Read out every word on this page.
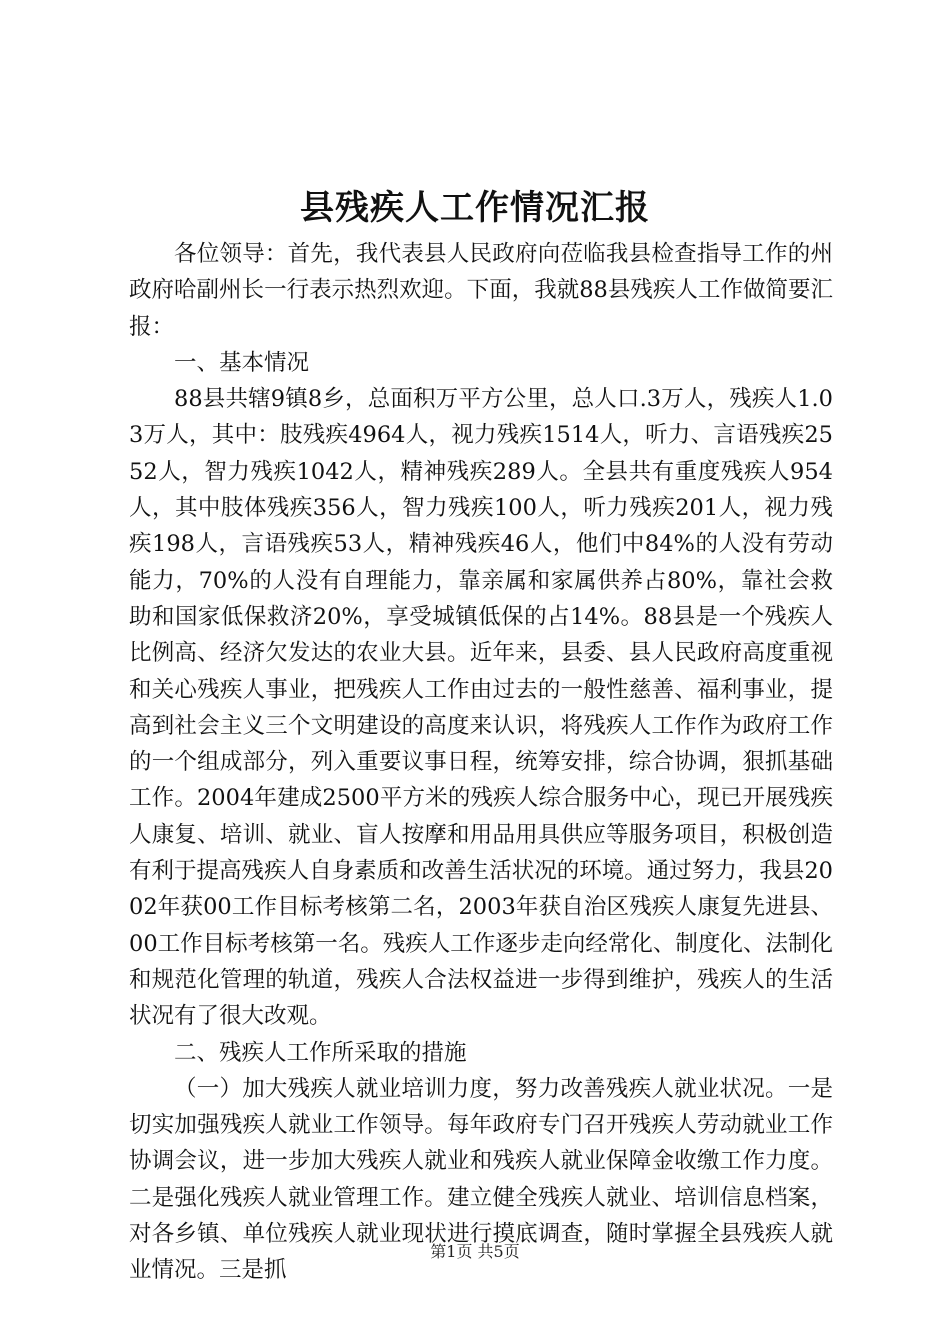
县残疾人工作情况汇报

各位领导：首先，我代表县人民政府向莅临我县检查指导工作的州政府哈副州长一行表示热烈欢迎。下面，我就88县残疾人工作做简要汇报：

一、基本情况

88县共辖9镇8乡，总面积万平方公里，总人口.3万人，残疾人1.03万人，其中：肢残疾4964人，视力残疾1514人，听力、言语残疾2552人，智力残疾1042人，精神残疾289人。全县共有重度残疾人954人，其中肢体残疾356人，智力残疾100人，听力残疾201人，视力残疾198人，言语残疾53人，精神残疾46人，他们中84%的人没有劳动能力，70%的人没有自理能力，靠亲属和家属供养占80%，靠社会救助和国家低保救济20%，享受城镇低保的占14%。88县是一个残疾人比例高、经济欠发达的农业大县。近年来，县委、县人民政府高度重视和关心残疾人事业，把残疾人工作由过去的一般性慈善、福利事业，提高到社会主义三个文明建设的高度来认识，将残疾人工作作为政府工作的一个组成部分，列入重要议事日程，统筹安排，综合协调，狠抓基础工作。2004年建成2500平方米的残疾人综合服务中心，现已开展残疾人康复、培训、就业、盲人按摩和用品用具供应等服务项目，积极创造有利于提高残疾人自身素质和改善生活状况的环境。通过努力，我县2002年获00工作目标考核第二名，2003年获自治区残疾人康复先进县、00工作目标考核第一名。残疾人工作逐步走向经常化、制度化、法制化和规范化管理的轨道，残疾人合法权益进一步得到维护，残疾人的生活状况有了很大改观。

二、残疾人工作所采取的措施

（一）加大残疾人就业培训力度，努力改善残疾人就业状况。一是切实加强残疾人就业工作领导。每年政府专门召开残疾人劳动就业工作协调会议，进一步加大残疾人就业和残疾人就业保障金收缴工作力度。二是强化残疾人就业管理工作。建立健全残疾人就业、培训信息档案，对各乡镇、单位残疾人就业现状进行摸底调查，随时掌握全县残疾人就业情况。三是抓

第1页 共5页
